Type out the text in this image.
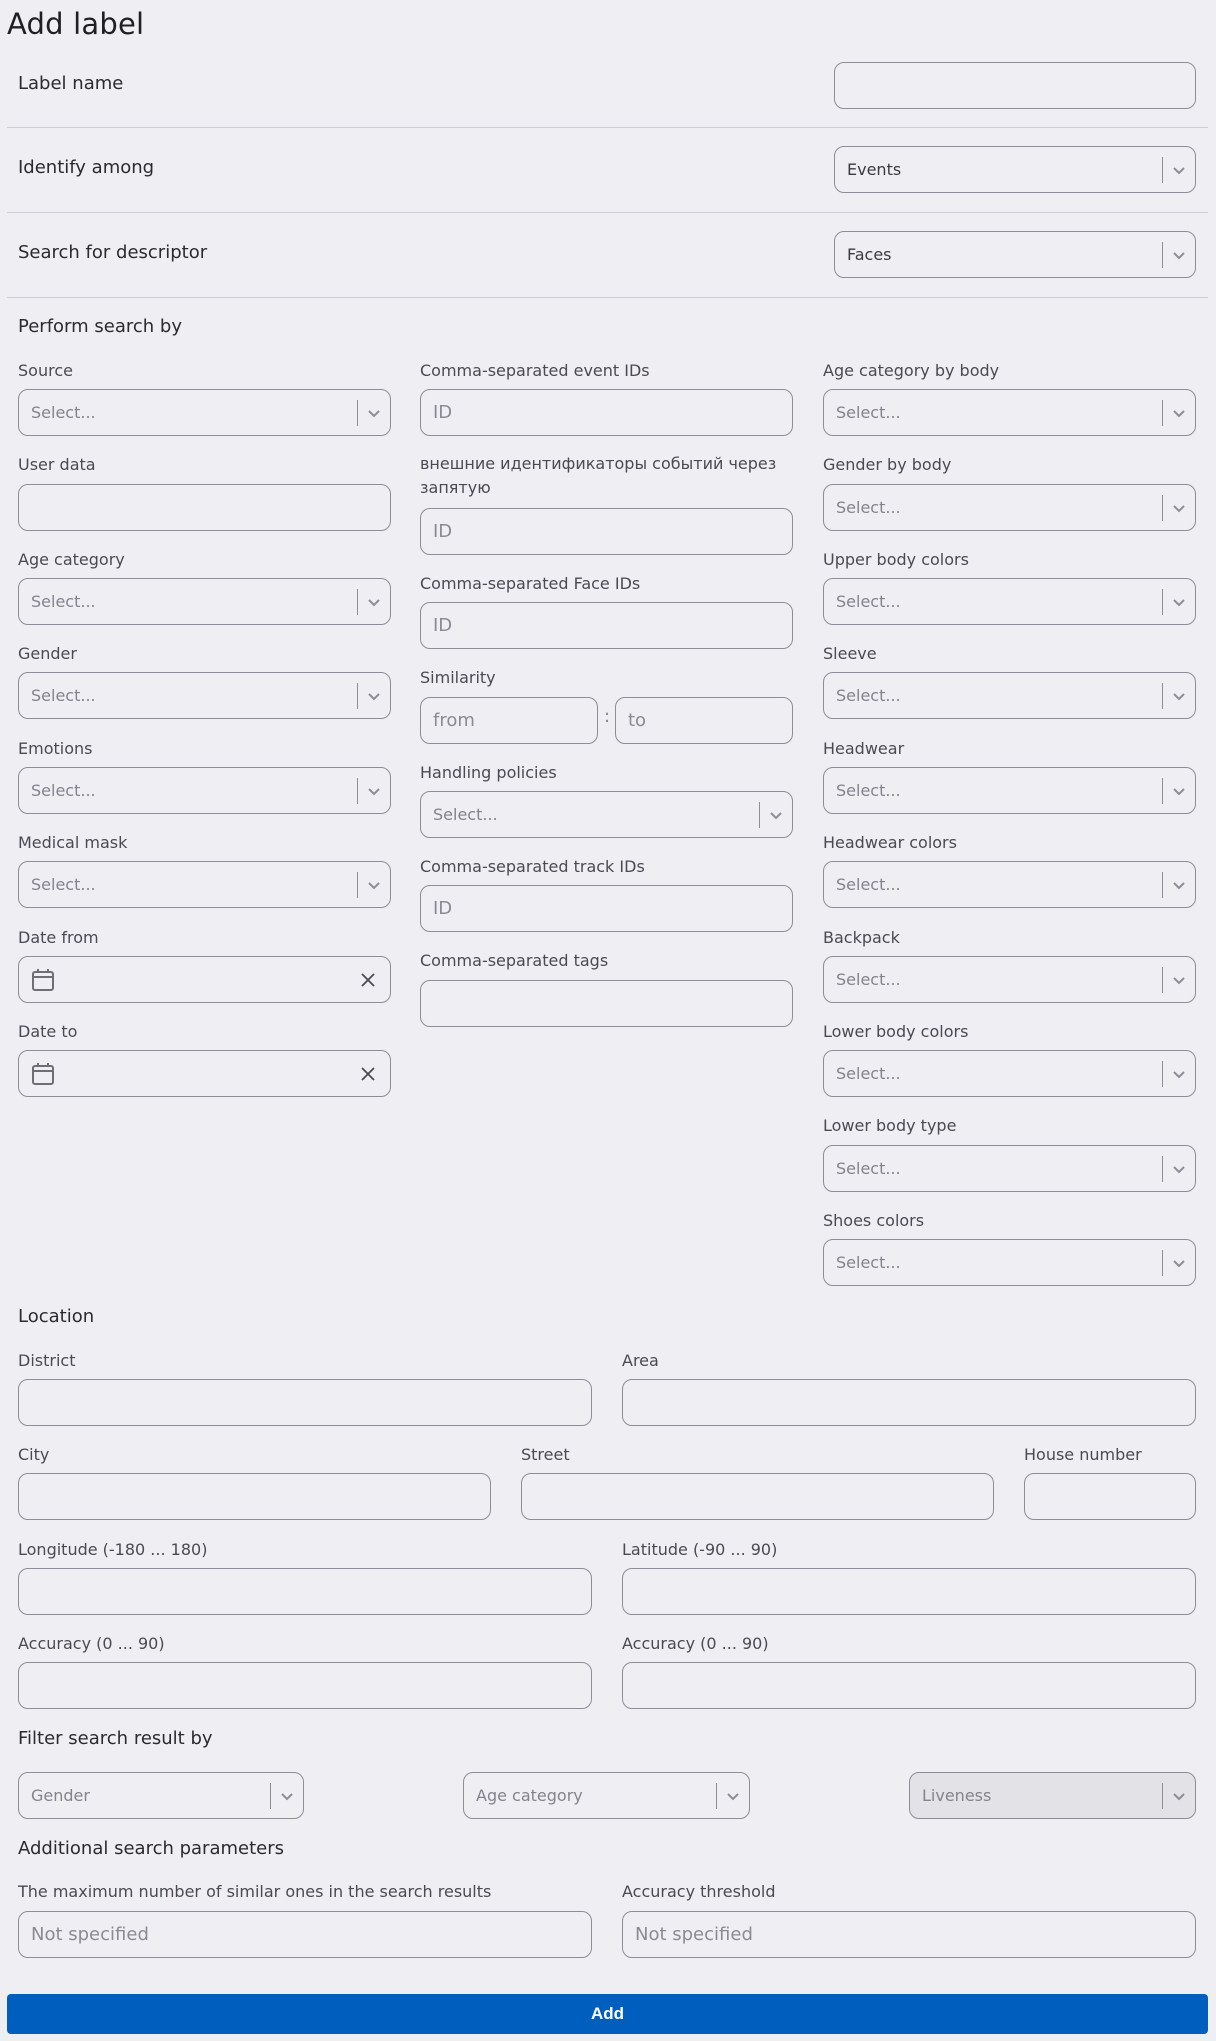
Add label
Label name
Identify among	Events
Search for descriptor	Faces
Perform search by
Source
Select...
User data
Age category
Select...
Gender
Select...
Emotions
Select...
Medical mask
Select...
Date from
Date to
Comma-separated event IDs
ID
внешние идентификаторы событий через запятую
ID
Comma-separated Face IDs
ID
Similarity
from	: to
Handling policies
Select...
Comma-separated track IDs
ID
Comma-separated tags
Age category by body
Select...
Gender by body
Select...
Upper body colors
Select...
Sleeve
Select...
Headwear
Select...
Headwear colors
Select...
Backpack
Select...
Lower body colors
Select...
Lower body type
Select...
Shoes colors
Select...
Location
District	Area
City	Street	House number
Longitude (-180 ... 180)	Latitude (-90 ... 90)
Accuracy (0 ... 90)	Accuracy (0 ... 90)
Filter search result by
Gender	Age category	Liveness
Additional search parameters
The maximum number of similar ones in the search results
Not specified
Accuracy threshold
Not specified
Add
